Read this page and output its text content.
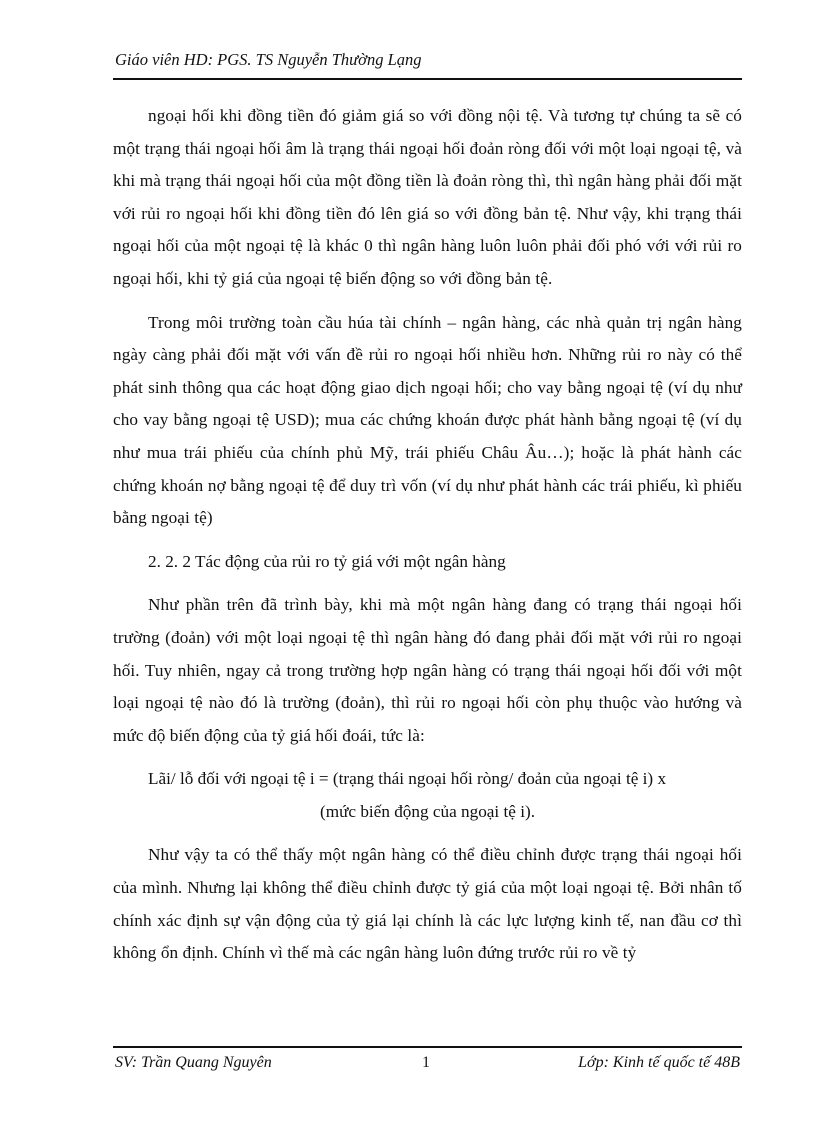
Giáo viên HD: PGS. TS Nguyễn Thường Lạng

ngoại hối khi đồng tiền đó giảm giá so với đồng nội tệ. Và tương tự chúng ta sẽ có một trạng thái ngoại hối âm là trạng thái ngoại hối đoản ròng đối với một loại ngoại tệ, và khi mà trạng thái ngoại hối của một đồng tiền là đoản ròng thì, thì ngân hàng phải đối mặt với rủi ro ngoại hối khi đồng tiền đó lên giá so với đồng bản tệ. Như vậy, khi trạng thái ngoại hối của một ngoại tệ là khác 0 thì ngân hàng luôn luôn phải đối phó với với rủi ro ngoại hối, khi tỷ giá của ngoại tệ biến động so với đồng bản tệ.

Trong môi trường toàn cầu húa tài chính – ngân hàng, các nhà quản trị ngân hàng ngày càng phải đối mặt với vấn đề rủi ro ngoại hối nhiều hơn. Những rủi ro này có thể phát sinh thông qua các hoạt động giao dịch ngoại hối; cho vay bằng ngoại tệ (ví dụ như cho vay bằng ngoại tệ USD); mua các chứng khoán được phát hành bằng ngoại tệ (ví dụ như mua trái phiếu của chính phủ Mỹ, trái phiếu Châu Âu…); hoặc là phát hành các chứng khoán nợ bằng ngoại tệ để duy trì vốn (ví dụ như phát hành các trái phiếu, kì phiếu bằng ngoại tệ)

2. 2. 2 Tác động của rủi ro tỷ giá với một ngân hàng

Như phần trên đã trình bày, khi mà một ngân hàng đang có trạng thái ngoại hối trường (đoản) với một loại ngoại tệ thì ngân hàng đó đang phải đối mặt với rủi ro ngoại hối. Tuy nhiên, ngay cả trong trường hợp ngân hàng có trạng thái ngoại hối đối với một loại ngoại tệ nào đó là trường (đoản), thì rủi ro ngoại hối còn phụ thuộc vào hướng và mức độ biến động của tỷ giá hối đoái, tức là:

Lãi/ lỗ đối với ngoại tệ i = (trạng thái ngoại hối ròng/ đoản của ngoại tệ i) x

(mức biến động của ngoại tệ i).

Như vậy ta có thể thấy một ngân hàng có thể điều chỉnh được trạng thái ngoại hối của mình. Nhưng lại không thể điều chỉnh được tỷ giá của một loại ngoại tệ. Bởi nhân tố chính xác định sự vận động của tỷ giá lại chính là các lực lượng kinh tế, nan đầu cơ thì không ổn định. Chính vì thế mà các ngân hàng luôn đứng trước rủi ro về tỷ

SV: Trần Quang Nguyên	1	Lớp: Kinh tế quốc tế 48B
